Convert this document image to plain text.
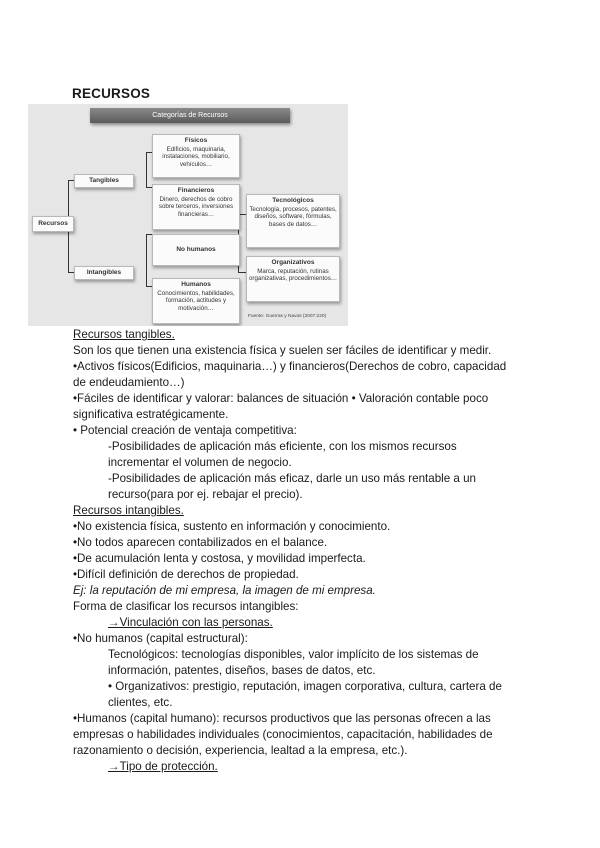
RECURSOS
Categorías de Recursos
Recursos
Tangibles
Intangibles
Físicos
Edificios, maquinaria, instalaciones, mobiliario, vehículos…
Financieros
Dinero, derechos de cobro sobre terceros, inversiones financieras…
No humanos
Humanos
Conocimientos, habilidades, formación, actitudes y motivación…
Tecnológicos
Tecnología, procesos, patentes, diseños, software, fórmulas, bases de datos…
Organizativos
Marca, reputación, rutinas organizativas, procedimientos…
Fuente: Guerras y Navas (2007:220)
Recursos tangibles.
Son los que tienen una existencia física y suelen ser fáciles de identificar y medir.
•Activos físicos(Edificios, maquinaria…) y financieros(Derechos de cobro, capacidad
de endeudamiento…)
•Fáciles de identificar y valorar: balances de situación • Valoración contable poco
significativa estratégicamente.
• Potencial creación de ventaja competitiva:
-Posibilidades de aplicación más eficiente, con los mismos recursos
incrementar el volumen de negocio.
-Posibilidades de aplicación más eficaz, darle un uso más rentable a un
recurso(para por ej. rebajar el precio).
Recursos intangibles.
•No existencia física, sustento en información y conocimiento.
•No todos aparecen contabilizados en el balance.
•De acumulación lenta y costosa, y movilidad imperfecta.
•Difícil definición de derechos de propiedad.
Ej: la reputación de mi empresa, la imagen de mi empresa.
Forma de clasificar los recursos intangibles:
→Vinculación con las personas.
•No humanos (capital estructural):
Tecnológicos: tecnologías disponibles, valor implícito de los sistemas de
información, patentes, diseños, bases de datos, etc.
• Organizativos: prestigio, reputación, imagen corporativa, cultura, cartera de
clientes, etc.
•Humanos (capital humano): recursos productivos que las personas ofrecen a las
empresas o habilidades individuales (conocimientos, capacitación, habilidades de
razonamiento o decisión, experiencia, lealtad a la empresa, etc.).
→Tipo de protección.
